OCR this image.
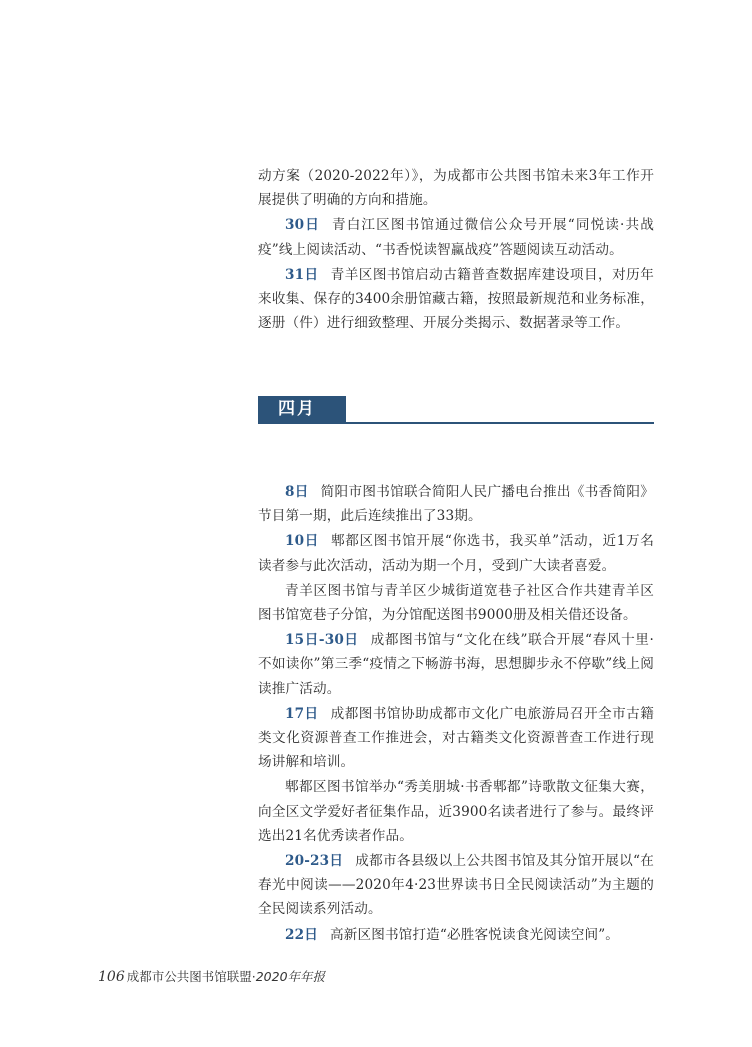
动方案（2020-2022年）》，为成都市公共图书馆未来3年工作开展提供了明确的方向和措施。

30日 青白江区图书馆通过微信公众号开展“同悦读·共战疫”线上阅读活动、“书香悦读智赢战疫”答题阅读互动活动。

31日 青羊区图书馆启动古籍普查数据库建设项目，对历年来收集、保存的3400余册馆藏古籍，按照最新规范和业务标准，逐册（件）进行细致整理、开展分类揭示、数据著录等工作。

四月

8日 简阳市图书馆联合简阳人民广播电台推出《书香简阳》节目第一期，此后连续推出了33期。

10日 郫都区图书馆开展“你选书，我买单”活动，近1万名读者参与此次活动，活动为期一个月，受到广大读者喜爱。

青羊区图书馆与青羊区少城街道宽巷子社区合作共建青羊区图书馆宽巷子分馆，为分馆配送图书9000册及相关借还设备。

15日-30日 成都图书馆与“文化在线”联合开展“春风十里·不如读你”第三季“疫情之下畅游书海，思想脚步永不停歇”线上阅读推广活动。

17日 成都图书馆协助成都市文化广电旅游局召开全市古籍类文化资源普查工作推进会，对古籍类文化资源普查工作进行现场讲解和培训。

郫都区图书馆举办“秀美朋城·书香郫都”诗歌散文征集大赛，向全区文学爱好者征集作品，近3900名读者进行了参与。最终评选出21名优秀读者作品。

20-23日 成都市各县级以上公共图书馆及其分馆开展以“在春光中阅读——2020年4·23世界读书日全民阅读活动”为主题的全民阅读系列活动。

22日 高新区图书馆打造“必胜客悦读食光阅读空间”。

106 成都市公共图书馆联盟·2020年年报
